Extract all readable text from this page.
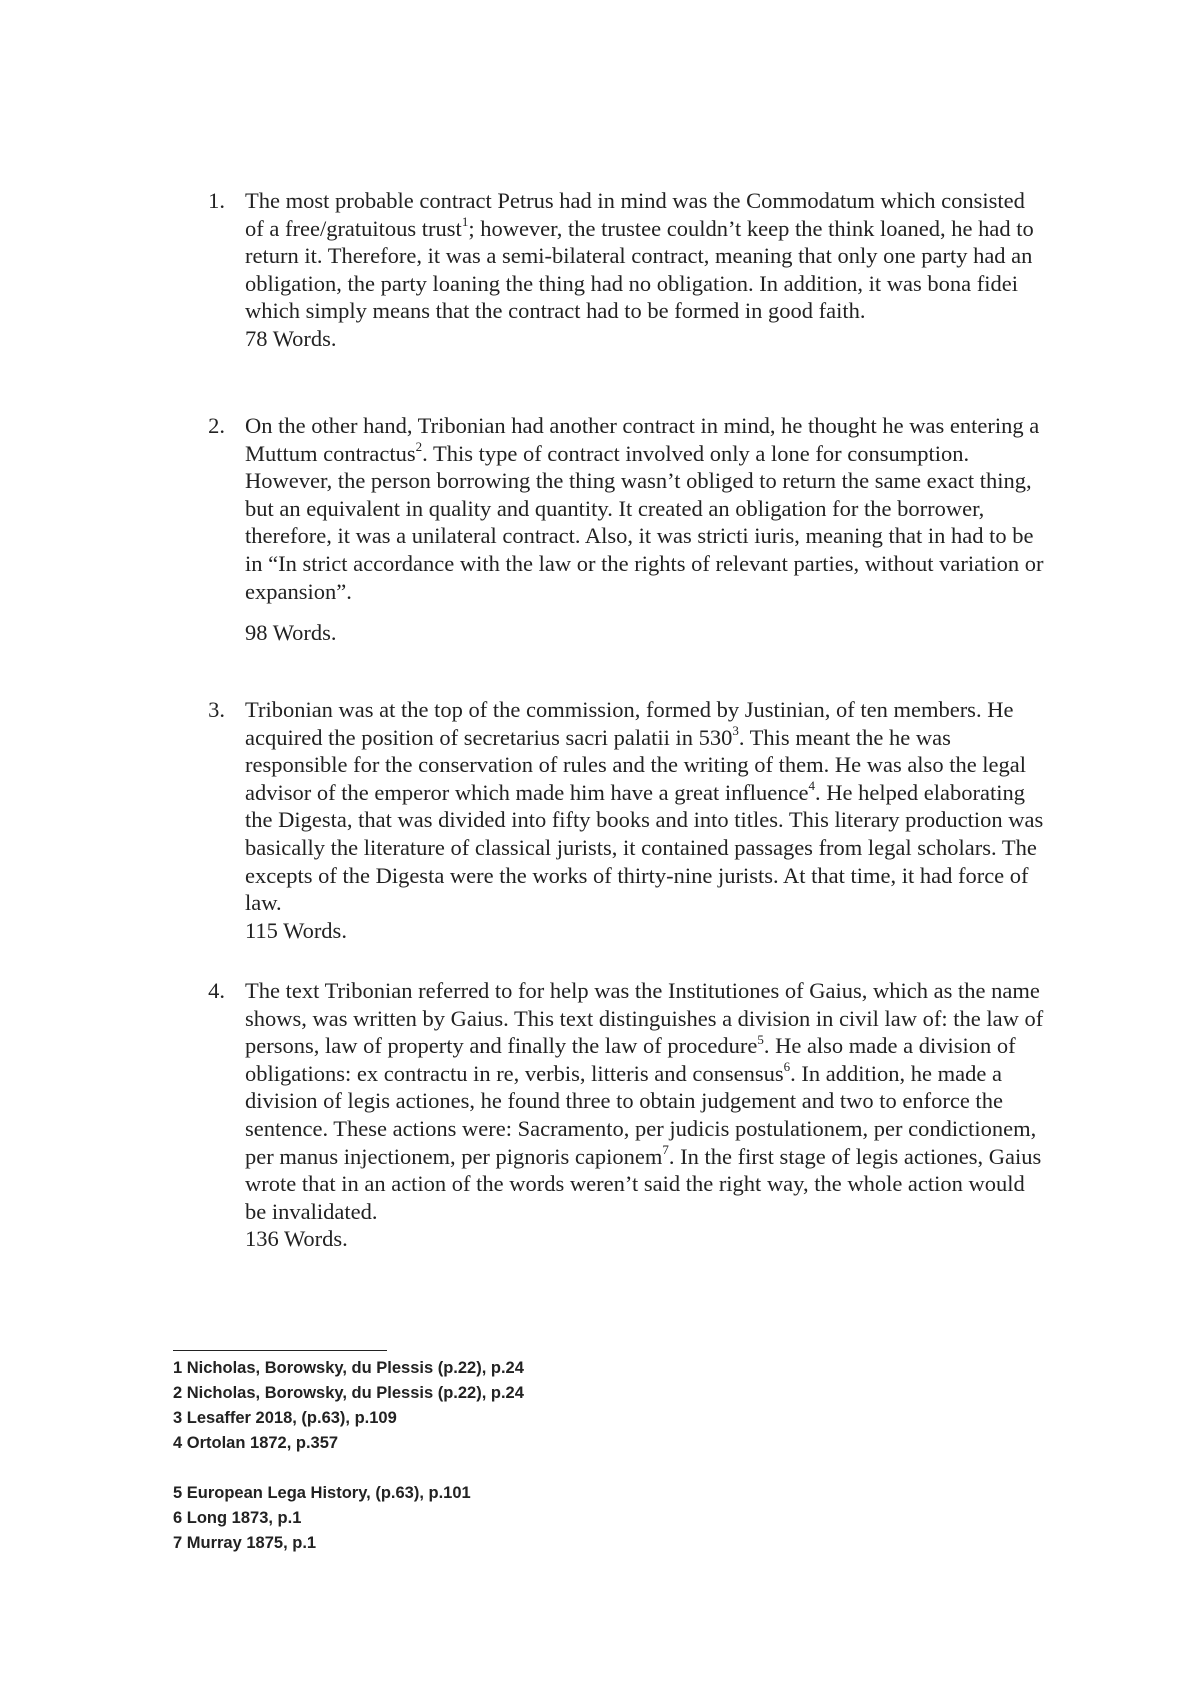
1. The most probable contract Petrus had in mind was the Commodatum which consisted of a free/gratuitous trust$^1$; however, the trustee couldn’t keep the think loaned, he had to return it. Therefore, it was a semi-bilateral contract, meaning that only one party had an obligation, the party loaning the thing had no obligation. In addition, it was bona fidei which simply means that the contract had to be formed in good faith.
78 Words.
2. On the other hand, Tribonian had another contract in mind, he thought he was entering a Muttum contractus$^2$. This type of contract involved only a lone for consumption. However, the person borrowing the thing wasn’t obliged to return the same exact thing, but an equivalent in quality and quantity. It created an obligation for the borrower, therefore, it was a unilateral contract. Also, it was stricti iuris, meaning that in had to be in “In strict accordance with the law or the rights of relevant parties, without variation or expansion”.
98 Words.
3. Tribonian was at the top of the commission, formed by Justinian, of ten members. He acquired the position of secretarius sacri palatii in $530^3$. This meant the he was responsible for the conservation of rules and the writing of them. He was also the legal advisor of the emperor which made him have a great influence$^4$. He helped elaborating the Digesta, that was divided into fifty books and into titles. This literary production was basically the literature of classical jurists, it contained passages from legal scholars. The excepts of the Digesta were the works of thirty-nine jurists. At that time, it had force of law.
115 Words.
4. The text Tribonian referred to for help was the Institutiones of Gaius, which as the name shows, was written by Gaius. This text distinguishes a division in civil law of: the law of persons, law of property and finally the law of procedure$^5$. He also made a division of obligations: ex contractu in re, verbis, litteris and consensus$^6$. In addition, he made a division of legis actiones, he found three to obtain judgement and two to enforce the sentence. These actions were: Sacramento, per judicis postulationem, per condictionem, per manus injectionem, per pignoris capionem$^7$. In the first stage of legis actiones, Gaius wrote that in an action of the words weren’t said the right way, the whole action would be invalidated.
136 Words.
1 Nicholas, Borowsky, du Plessis (p.22), p.24
2 Nicholas, Borowsky, du Plessis (p.22), p.24
3 Lesaffer 2018, (p.63), p.109
4 Ortolan 1872, p.357
5 European Lega History, (p.63), p.101
6 Long 1873, p.1
7 Murray 1875, p.1
